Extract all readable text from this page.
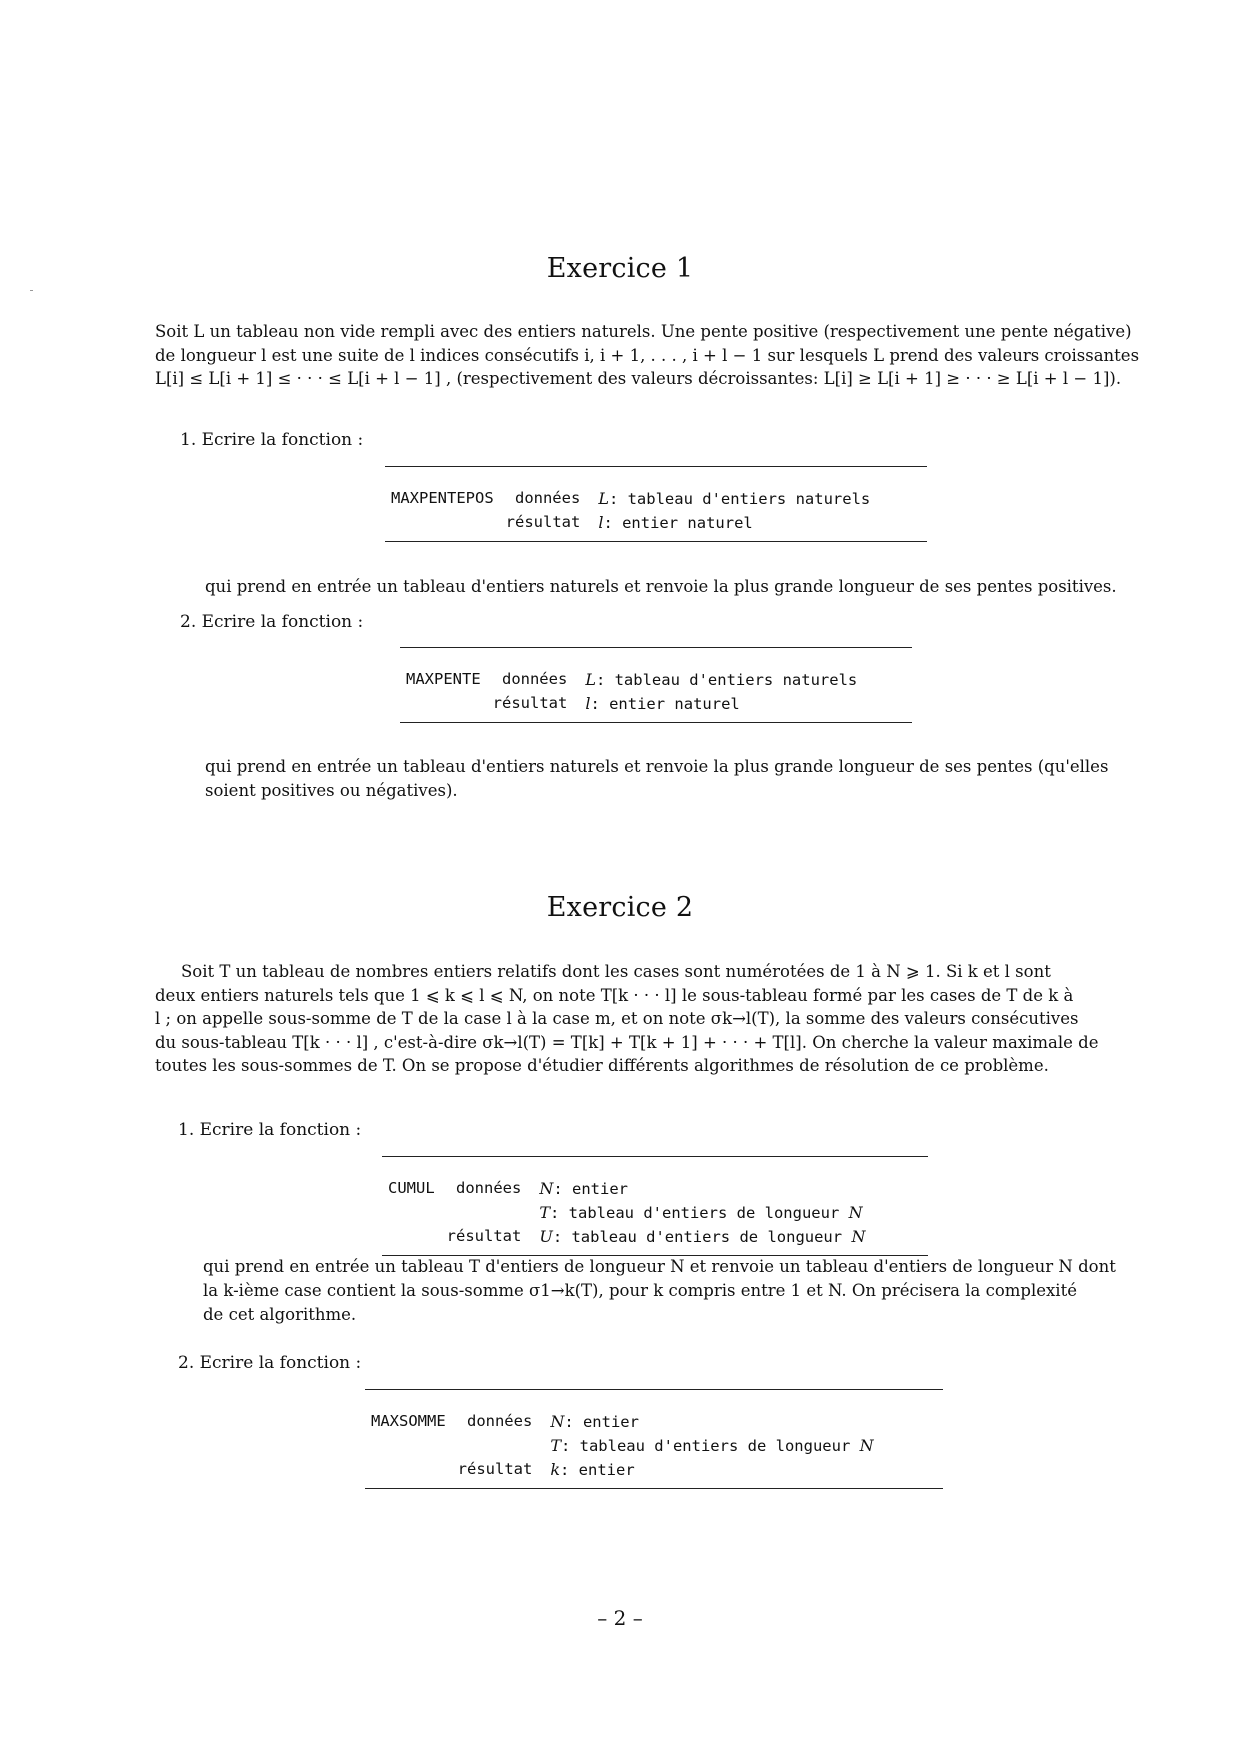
Exercice 1
Soit L un tableau non vide rempli avec des entiers naturels. Une pente positive (respectivement une pente négative)
de longueur l est une suite de l indices consécutifs i, i + 1, . . . , i + l − 1 sur lesquels L prend des valeurs croissantes
L[i] ≤ L[i + 1] ≤ · · · ≤ L[i + l − 1] , (respectivement des valeurs décroissantes: L[i] ≥ L[i + 1] ≥ · · · ≥ L[i + l − 1]).
1. Ecrire la fonction :
MAXPENTEPOS	données	L: tableau d'entiers naturels
	résultat	l: entier naturel
qui prend en entrée un tableau d'entiers naturels et renvoie la plus grande longueur de ses pentes positives.
2. Ecrire la fonction :
MAXPENTE	données	L: tableau d'entiers naturels
	résultat	l: entier naturel
qui prend en entrée un tableau d'entiers naturels et renvoie la plus grande longueur de ses pentes (qu'elles
soient positives ou négatives).
Exercice 2
Soit T un tableau de nombres entiers relatifs dont les cases sont numérotées de 1 à N ⩾ 1. Si k et l sont
deux entiers naturels tels que 1 ⩽ k ⩽ l ⩽ N, on note T[k · · · l] le sous-tableau formé par les cases de T de k à
l ; on appelle sous-somme de T de la case l à la case m, et on note σk→l(T), la somme des valeurs consécutives
du sous-tableau T[k · · · l] , c'est-à-dire σk→l(T) = T[k] + T[k + 1] + · · · + T[l]. On cherche la valeur maximale de
toutes les sous-sommes de T. On se propose d'étudier différents algorithmes de résolution de ce problème.
1. Ecrire la fonction :
CUMUL	données	N: entier
		T: tableau d'entiers de longueur N
	résultat	U: tableau d'entiers de longueur N
qui prend en entrée un tableau T d'entiers de longueur N et renvoie un tableau d'entiers de longueur N dont
la k-ième case contient la sous-somme σ1→k(T), pour k compris entre 1 et N. On précisera la complexité
de cet algorithme.
2. Ecrire la fonction :
MAXSOMME	données	N: entier
		T: tableau d'entiers de longueur N
	résultat	k: entier
– 2 –
